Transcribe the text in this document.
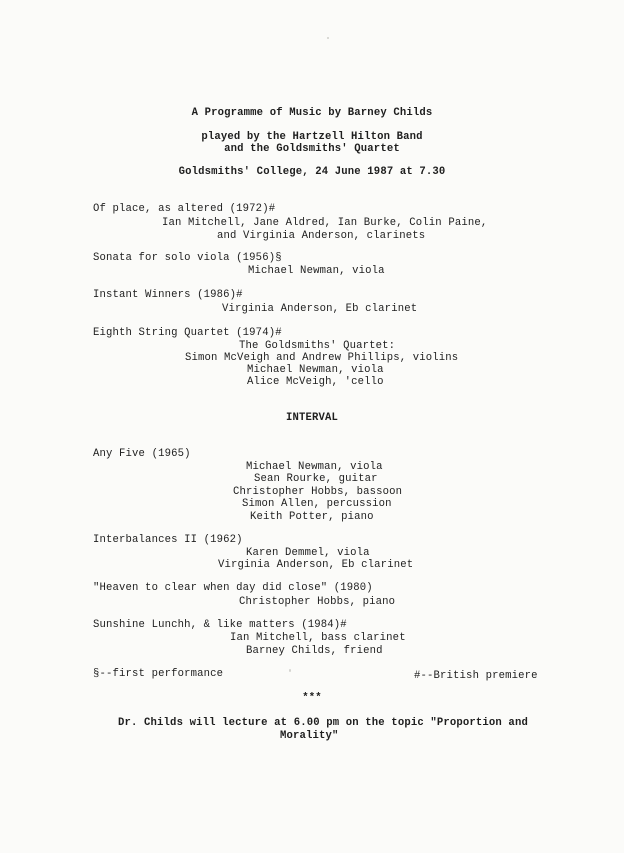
A Programme of Music by Barney Childs
played by the Hartzell Hilton Band
and the Goldsmiths' Quartet
Goldsmiths' College, 24 June 1987 at 7.30
Of place, as altered (1972)#
Ian Mitchell, Jane Aldred, Ian Burke, Colin Paine,
and Virginia Anderson, clarinets
Sonata for solo viola (1956)§
Michael Newman, viola
Instant Winners (1986)#
Virginia Anderson, Eb clarinet
Eighth String Quartet (1974)#
The Goldsmiths' Quartet:
Simon McVeigh and Andrew Phillips, violins
Michael Newman, viola
Alice McVeigh, 'cello
INTERVAL
Any Five (1965)
Michael Newman, viola
Sean Rourke, guitar
Christopher Hobbs, bassoon
Simon Allen, percussion
Keith Potter, piano
Interbalances II (1962)
Karen Demmel, viola
Virginia Anderson, Eb clarinet
"Heaven to clear when day did close" (1980)
Christopher Hobbs, piano
Sunshine Lunchh, & like matters (1984)#
Ian Mitchell, bass clarinet
Barney Childs, friend
§--first performance	#--British premiere
***
Dr. Childs will lecture at 6.00 pm on the topic "Proportion and
Morality"
